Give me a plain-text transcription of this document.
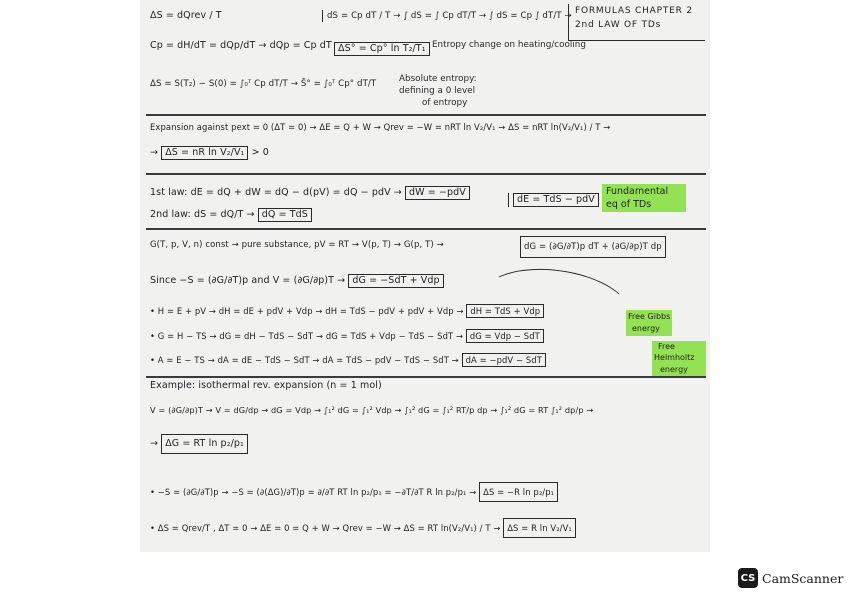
FORMULAS CHAPTER 2
2nd LAW OF TDs
ΔS = dQrev / T
Cp = dH/dT = dQp/dT → dQp = Cp dT
ΔS = S(T₂) − S(0) = ∫₀ᵀ Cp dT/T → S̄° = ∫₀ᵀ Cp° dT/T
dS = Cp dT / T → ∫ dS = ∫ Cp dT/T → ∫ dS = Cp ∫ dT/T →
ΔS° = C̄p° ln T₂/T₁ Entropy change on heating/cooling
Absolute entropy:
defining a 0 level
of entropy
Expansion against pext = 0 (ΔT = 0) → ΔE = Q + W → Qrev = −W = nRT ln V₂/V₁ → ΔS = nRT ln(V₂/V₁) / T →
→ ΔS = nR ln V₂/V₁ > 0
1st law: dE = dQ + dW = dQ − d(pV) = dQ − pdV → dW = −pdV
2nd law: dS = dQ/T → dQ = TdS
dE = TdS − pdV
Fundamental
eq of TDs
G(T, p, V, n) const → pure substance, pV = RT → V(p, T) → G(p, T) →	dG = (∂G/∂T)p dT + (∂G/∂p)T dp
Since −S = (∂G/∂T)p and V = (∂G/∂p)T → dG = −SdT + Vdp
• H = E + pV → dH = dE + pdV + Vdp → dH = TdS − pdV + pdV + Vdp → dH = TdS + Vdp
• G = H − TS → dG = dH − TdS − SdT → dG = TdS + Vdp − TdS − SdT → dG = Vdp − SdT
• A = E − TS → dA = dE − TdS − SdT → dA = TdS − pdV − TdS − SdT → dA = −pdV − SdT
Free Gibbs
energy
Free
Helmholtz
energy
Example: isothermal rev. expansion (n = 1 mol)
V = (∂G/∂p)T → V = dG/dp → dG = Vdp → ∫₁² dG = ∫₁² Vdp → ∫₁² dG = ∫₁² RT/p dp → ∫₁² dG = RT ∫₁² dp/p →
→ ΔG = RT ln p₂/p₁
• −S = (∂G/∂T)p → −S = (∂(ΔG)/∂T)p = ∂/∂T RT ln p₂/p₁ = −∂T/∂T R ln p₂/p₁ → ΔS = −R ln p₂/p₁
• ΔS = Qrev/T , ΔT = 0 → ΔE = 0 = Q + W → Qrev = −W → ΔS = RT ln(V₂/V₁) / T → ΔS = R ln V₂/V₁
CS CamScanner
